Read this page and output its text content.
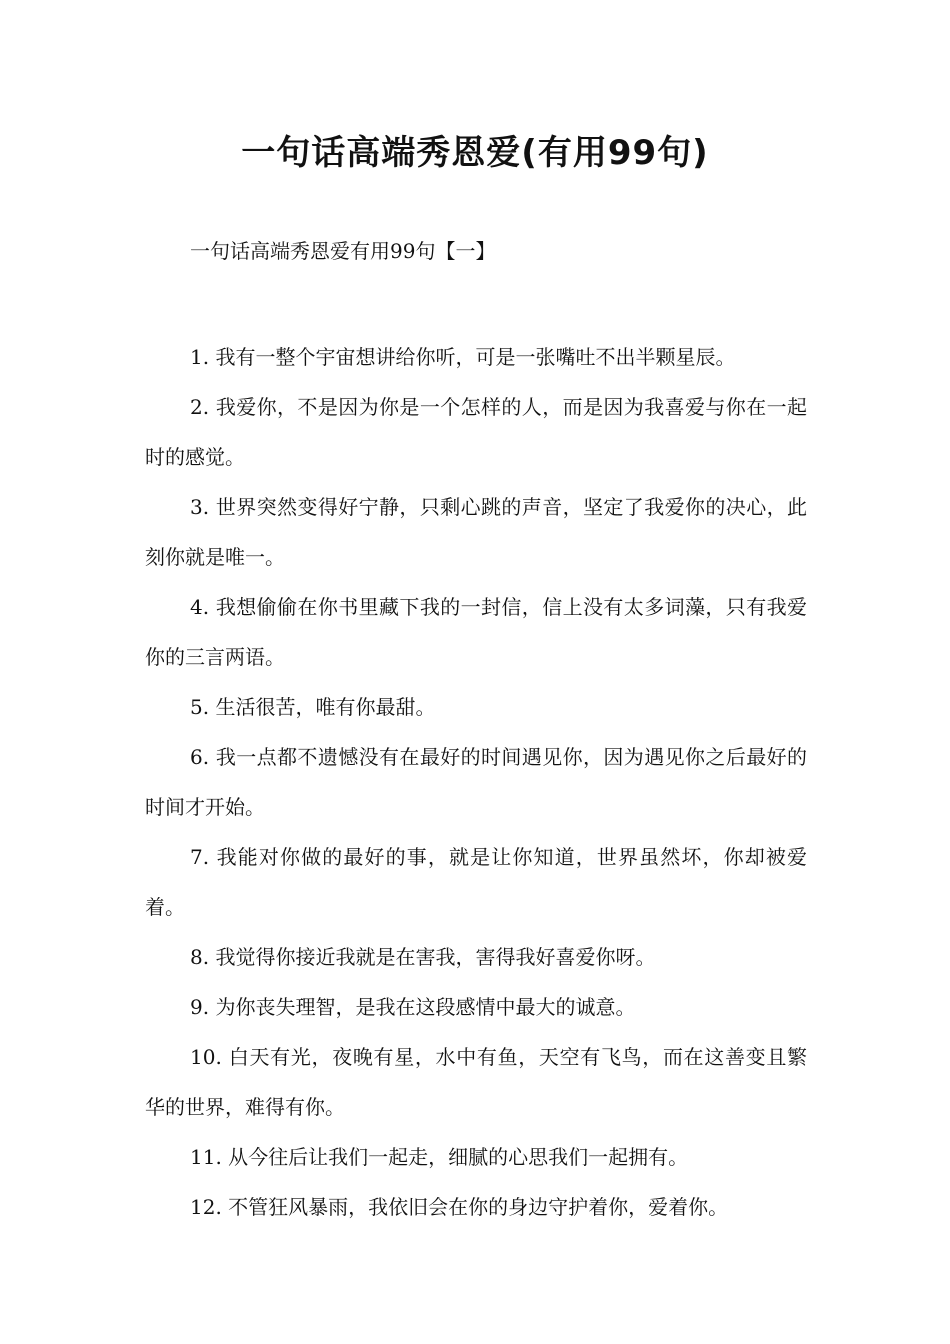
一句话高端秀恩爱(有用99句)

一句话高端秀恩爱有用99句【一】

1. 我有一整个宇宙想讲给你听，可是一张嘴吐不出半颗星辰。

2. 我爱你，不是因为你是一个怎样的人，而是因为我喜爱与你在一起时的感觉。

3. 世界突然变得好宁静，只剩心跳的声音，坚定了我爱你的决心，此刻你就是唯一。

4. 我想偷偷在你书里藏下我的一封信，信上没有太多词藻，只有我爱你的三言两语。

5. 生活很苦，唯有你最甜。

6. 我一点都不遗憾没有在最好的时间遇见你，因为遇见你之后最好的时间才开始。

7. 我能对你做的最好的事，就是让你知道，世界虽然坏，你却被爱着。

8. 我觉得你接近我就是在害我，害得我好喜爱你呀。

9. 为你丧失理智，是我在这段感情中最大的诚意。

10. 白天有光，夜晚有星，水中有鱼，天空有飞鸟，而在这善变且繁华的世界，难得有你。

11. 从今往后让我们一起走，细腻的心思我们一起拥有。

12. 不管狂风暴雨，我依旧会在你的身边守护着你，爱着你。
